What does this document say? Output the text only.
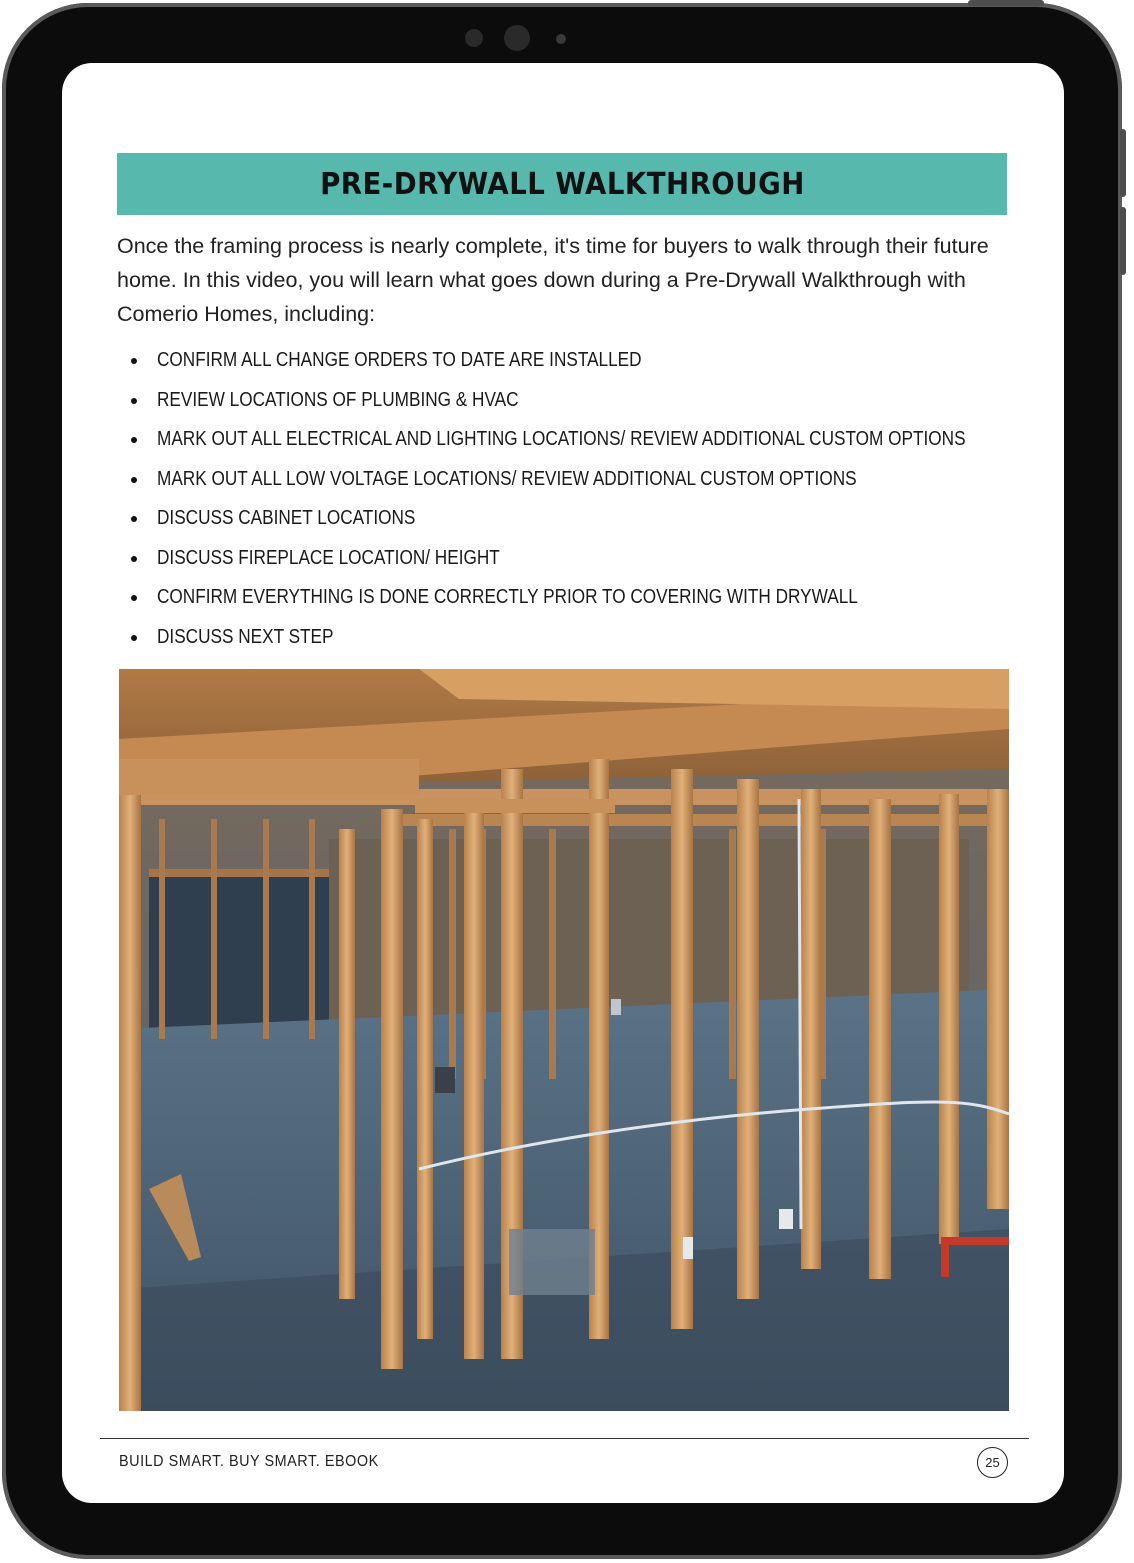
PRE-DRYWALL WALKTHROUGH

Once the framing process is nearly complete, it's time for buyers to walk through their future home. In this video, you will learn what goes down during a Pre-Drywall Walkthrough with Comerio Homes, including:

CONFIRM ALL CHANGE ORDERS TO DATE ARE INSTALLED
REVIEW LOCATIONS OF PLUMBING & HVAC
MARK OUT ALL ELECTRICAL AND LIGHTING LOCATIONS/ REVIEW ADDITIONAL CUSTOM OPTIONS
MARK OUT ALL LOW VOLTAGE LOCATIONS/ REVIEW ADDITIONAL CUSTOM OPTIONS
DISCUSS CABINET LOCATIONS
DISCUSS FIREPLACE LOCATION/ HEIGHT
CONFIRM EVERYTHING IS DONE CORRECTLY PRIOR TO COVERING WITH DRYWALL
DISCUSS NEXT STEP
BUILD SMART. BUY SMART. EBOOK	25
